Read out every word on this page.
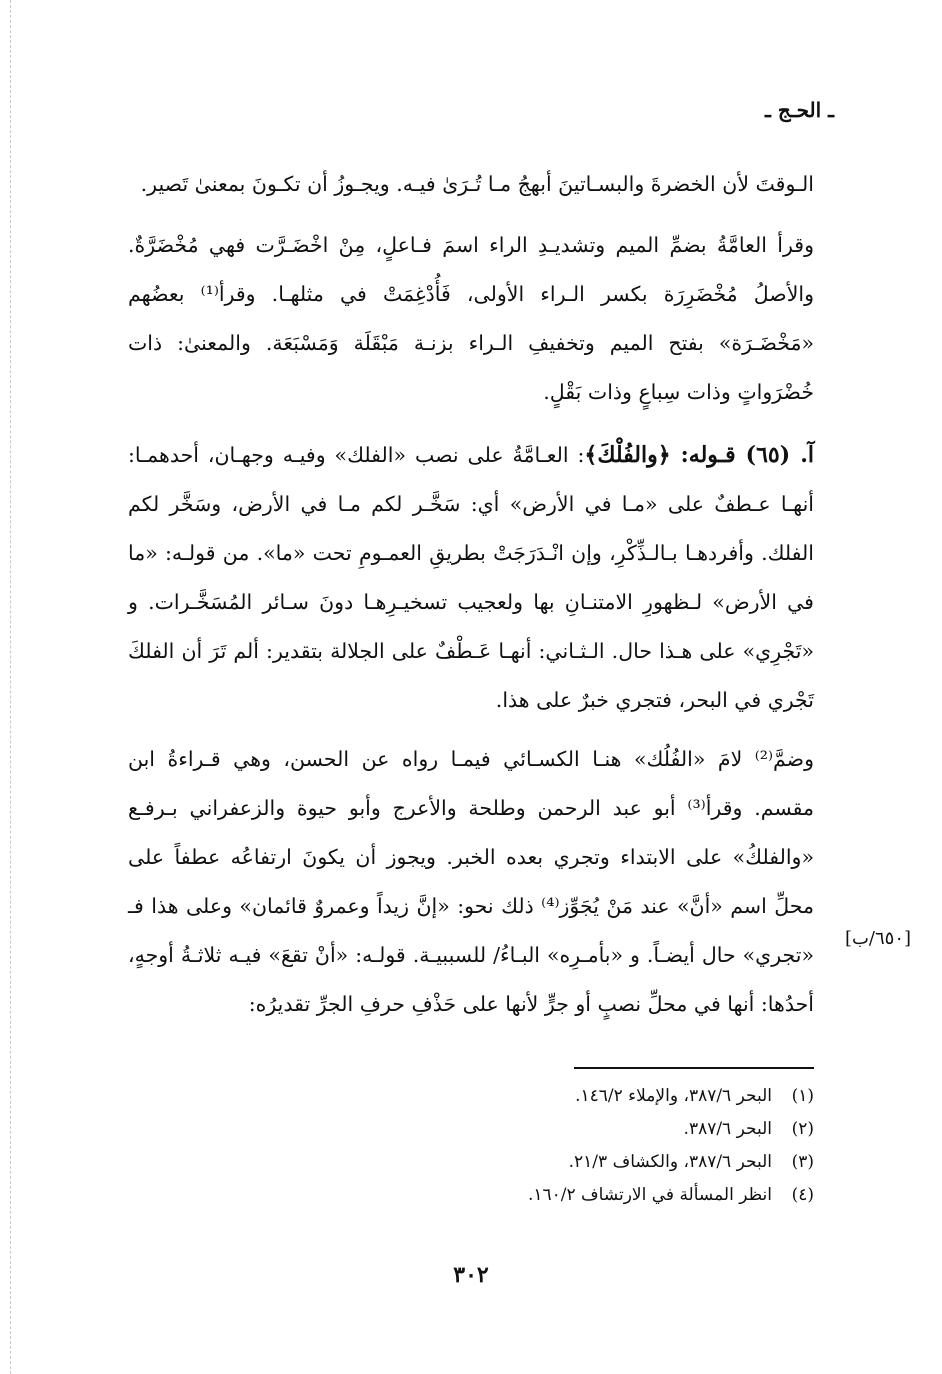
ـ الحـج ـ

الـوقتَ لأن الخضرةَ والبسـاتينَ أبهجُ مـا تُـرَىٰ فيـه. ويجـوزُ أن تكـونَ بمعنىٰ تَصير.

وقرأ العامَّةُ بضمِّ الميم وتشديـدِ الراء اسمَ فـاعلٍ، مِنْ اخْضَـرَّت فهي مُخْضَرَّةٌ. والأصلُ مُخْضَرِرَة بكسر الـراء الأولى، فَأُدْغِمَتْ في مثلهـا. وقرأ⁽¹⁾ بعضُهم «مَخْضَـرَة» بفتح الميم وتخفيفِ الـراء بزنـة مَبْقَلَة وَمَسْبَعَة. والمعنىٰ: ذات خُضْرَواتٍ وذات سِباعٍ وذات بَقْلٍ.

آ. (٦٥) قـوله: ﴿والفُلْكَ﴾: العـامَّةُ على نصب «الفلك» وفيـه وجهـان، أحدهمـا: أنهـا عـطفٌ على «مـا في الأرض» أي: سَخَّـر لكم مـا في الأرض، وسَخَّر لكم الفلك. وأفردهـا بـالـذِّكْرِ، وإن انْـدَرَجَتْ بطريقِ العمـومِ تحت «ما». من قولـه: «ما في الأرض» لـظهورِ الامتنـانِ بها ولعجيب تسخيـرِهـا دونَ سـائر المُسَخَّـرات. و «تَجْرِي» على هـذا حال. الـثـاني: أنهـا عَـطْفٌ على الجلالة بتقدير: ألم تَرَ أن الفلكَ تَجْري في البحر، فتجري خبرٌ على هذا.

وضمَّ⁽²⁾ لامَ «الفُلُك» هنـا الكسـائي فيمـا رواه عن الحسن، وهي قـراءةُ ابن مقسم. وقرأ⁽³⁾ أبو عبد الرحمن وطلحة والأعرج وأبو حيوة والزعفراني بـرفـع «والفلكُ» على الابتداء وتجري بعده الخبر. ويجوز أن يكونَ ارتفاعُه عطفاً على محلِّ اسم «أنَّ» عند مَنْ يُجَوِّز⁽⁴⁾ ذلك نحو: «إنَّ زيداً وعمروٌ قائمان» وعلى هذا فـ «تجري» حال أيضـاً. و «بأمـرِه» البـاءُ/ للسببيـة. قولـه: «أنْ تقعَ» فيـه ثلاثـةُ أوجهٍ، أحدُها: أنها في محلِّ نصبٍ أو جرٍّ لأنها على حَذْفِ حرفِ الجرِّ تقديرُه:

[٦٥٠/ب]
(١)البحر ٣٨٧/٦، والإملاء ١٤٦/٢.
(٢)البحر ٣٨٧/٦.
(٣)البحر ٣٨٧/٦، والكشاف ٢١/٣.
(٤)انظر المسألة في الارتشاف ١٦٠/٢.
٣٠٢
